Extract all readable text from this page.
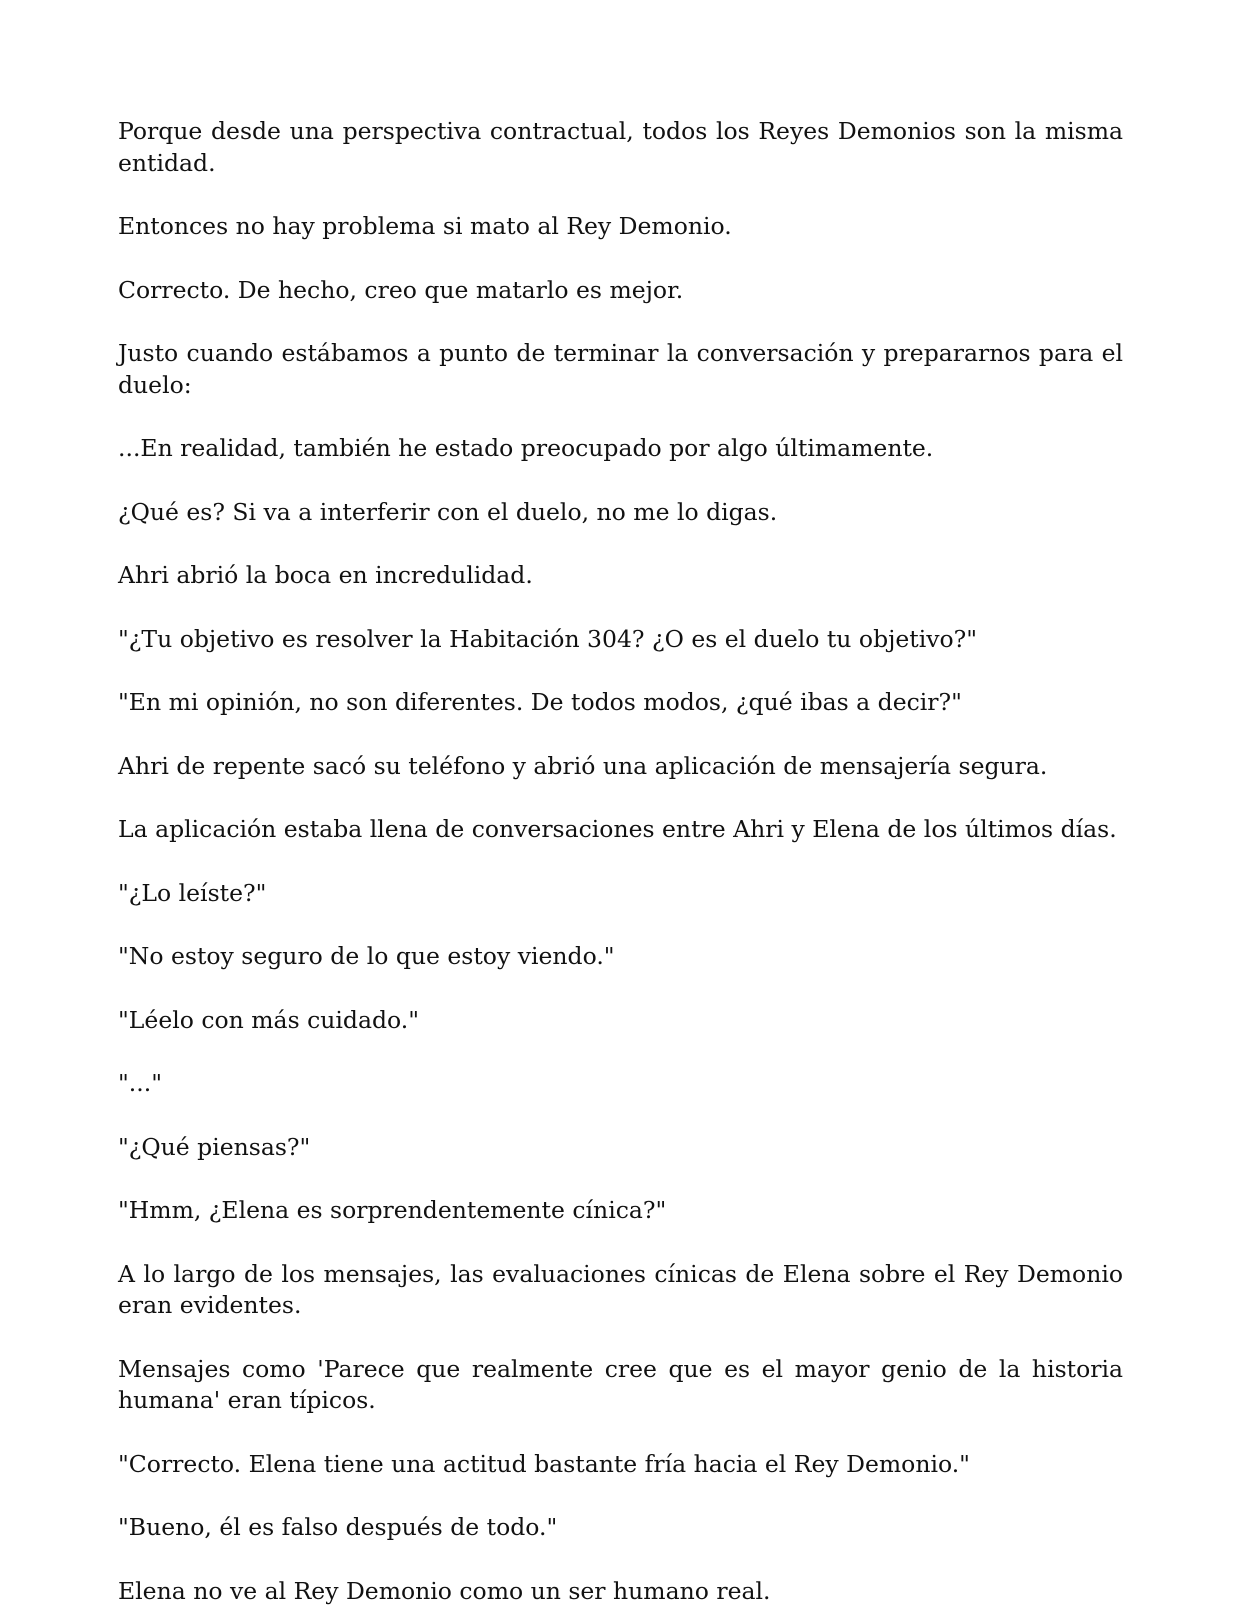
Porque desde una perspectiva contractual, todos los Reyes Demonios son la misma entidad.

Entonces no hay problema si mato al Rey Demonio.

Correcto. De hecho, creo que matarlo es mejor.

Justo cuando estábamos a punto de terminar la conversación y prepararnos para el duelo:

...En realidad, también he estado preocupado por algo últimamente.

¿Qué es? Si va a interferir con el duelo, no me lo digas.

Ahri abrió la boca en incredulidad.

"¿Tu objetivo es resolver la Habitación 304? ¿O es el duelo tu objetivo?"

"En mi opinión, no son diferentes. De todos modos, ¿qué ibas a decir?"

Ahri de repente sacó su teléfono y abrió una aplicación de mensajería segura.

La aplicación estaba llena de conversaciones entre Ahri y Elena de los últimos días.

"¿Lo leíste?"

"No estoy seguro de lo que estoy viendo."

"Léelo con más cuidado."

"..."

"¿Qué piensas?"

"Hmm, ¿Elena es sorprendentemente cínica?"

A lo largo de los mensajes, las evaluaciones cínicas de Elena sobre el Rey Demonio eran evidentes.

Mensajes como 'Parece que realmente cree que es el mayor genio de la historia humana' eran típicos.

"Correcto. Elena tiene una actitud bastante fría hacia el Rey Demonio."

"Bueno, él es falso después de todo."

Elena no ve al Rey Demonio como un ser humano real.
